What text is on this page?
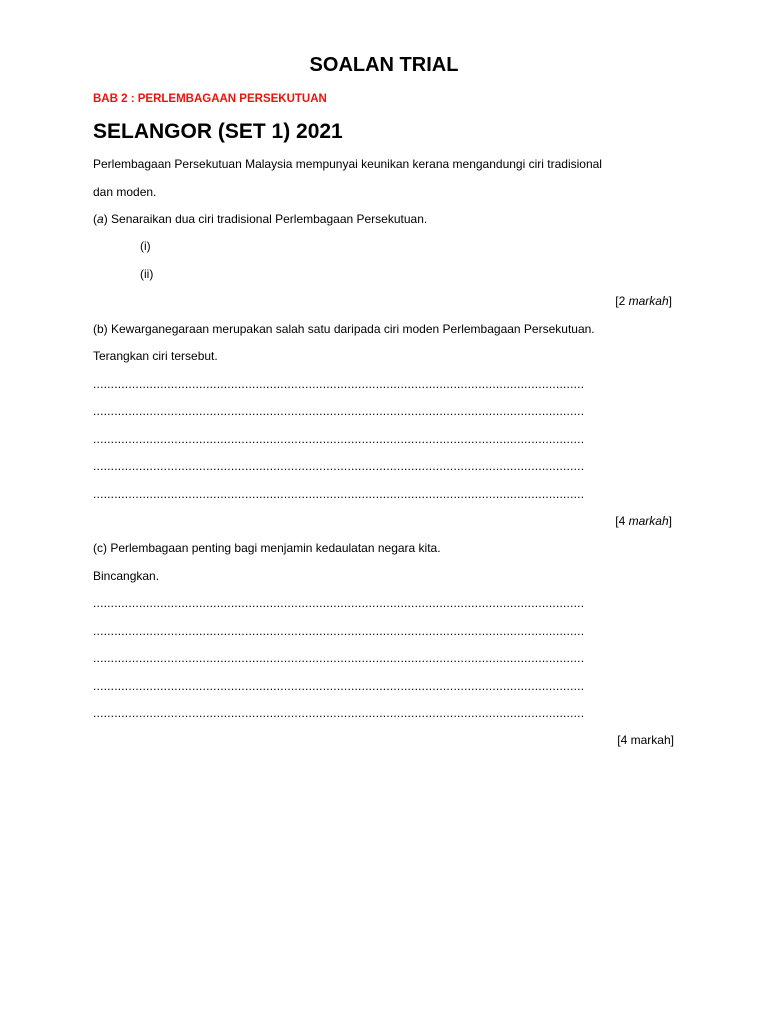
SOALAN TRIAL
BAB 2 : PERLEMBAGAAN PERSEKUTUAN
SELANGOR (SET 1) 2021
Perlembagaan Persekutuan Malaysia mempunyai keunikan kerana mengandungi ciri tradisional
dan moden.
(a) Senaraikan dua ciri tradisional Perlembagaan Persekutuan.
(i)
(ii)
[2 markah]
(b) Kewarganegaraan merupakan salah satu daripada ciri moden Perlembagaan Persekutuan.
Terangkan ciri tersebut.
...........................................................................................................................................
...........................................................................................................................................
...........................................................................................................................................
...........................................................................................................................................
...........................................................................................................................................
[4 markah]
(c) Perlembagaan penting bagi menjamin kedaulatan negara kita.
Bincangkan.
...........................................................................................................................................
...........................................................................................................................................
...........................................................................................................................................
...........................................................................................................................................
...........................................................................................................................................
[4 markah]
